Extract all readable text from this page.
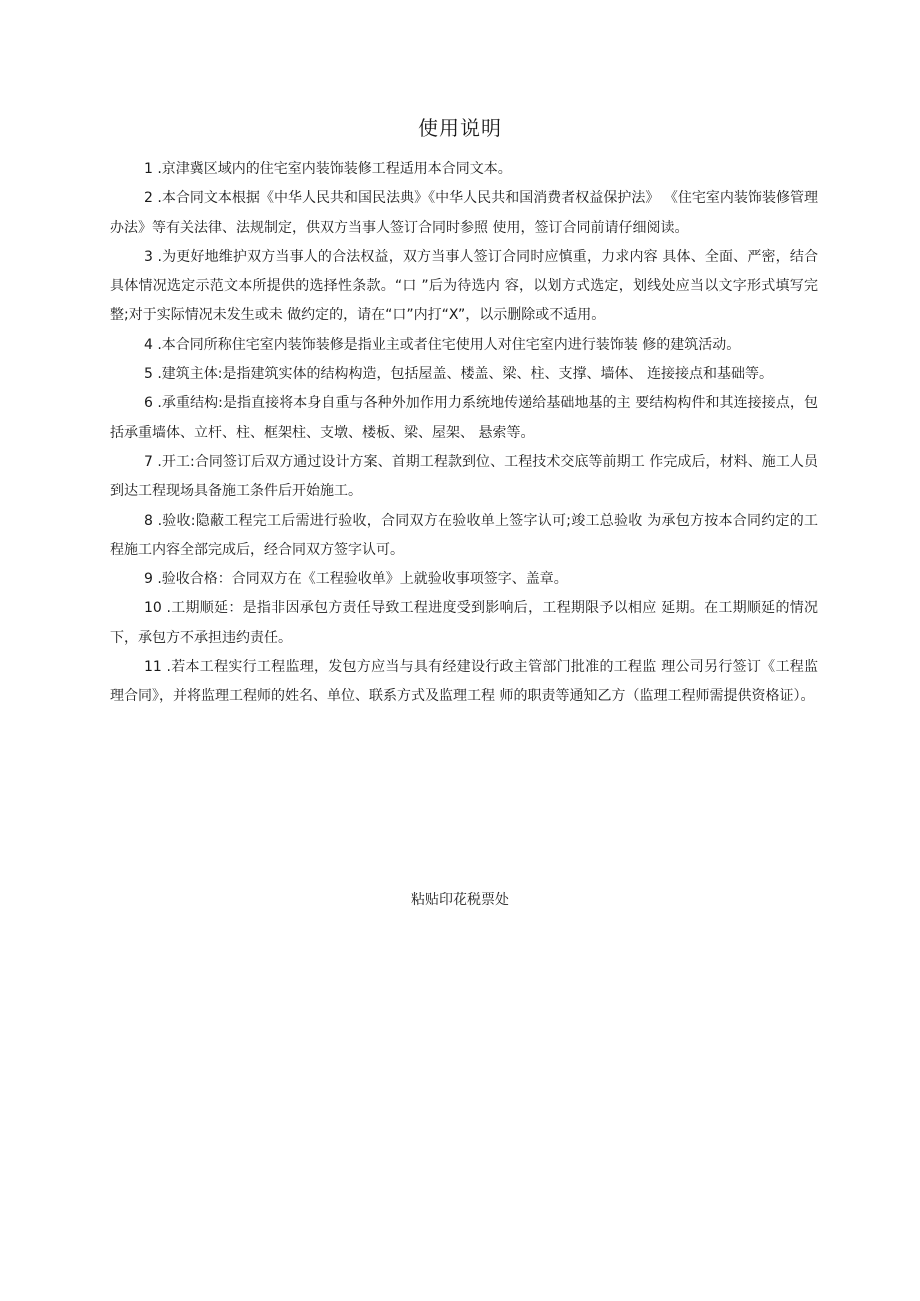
使用说明

1 .京津冀区域内的住宅室内装饰装修工程适用本合同文本。

2 .本合同文本根据《中华人民共和国民法典》《中华人民共和国消费者权益保护法》 《住宅室内装饰装修管理办法》等有关法律、法规制定，供双方当事人签订合同时参照 使用，签订合同前请仔细阅读。

3 .为更好地维护双方当事人的合法权益，双方当事人签订合同时应慎重，力求内容 具体、全面、严密，结合具体情况选定示范文本所提供的选择性条款。“口 ”后为待选内 容，以划方式选定，划线处应当以文字形式填写完整;对于实际情况未发生或未 做约定的，请在“口”内打“X”，以示删除或不适用。

4 .本合同所称住宅室内装饰装修是指业主或者住宅使用人对住宅室内进行装饰装 修的建筑活动。

5 .建筑主体:是指建筑实体的结构构造，包括屋盖、楼盖、梁、柱、支撑、墙体、 连接接点和基础等。

6 .承重结构:是指直接将本身自重与各种外加作用力系统地传递给基础地基的主 要结构构件和其连接接点，包括承重墙体、立杆、柱、框架柱、支墩、楼板、梁、屋架、 悬索等。

7 .开工:合同签订后双方通过设计方案、首期工程款到位、工程技术交底等前期工 作完成后，材料、施工人员到达工程现场具备施工条件后开始施工。

8 .验收:隐蔽工程完工后需进行验收，合同双方在验收单上签字认可;竣工总验收 为承包方按本合同约定的工程施工内容全部完成后，经合同双方签字认可。

9 .验收合格：合同双方在《工程验收单》上就验收事项签字、盖章。

10 .工期顺延：是指非因承包方责任导致工程进度受到影响后，工程期限予以相应 延期。在工期顺延的情况下，承包方不承担违约责任。

11 .若本工程实行工程监理，发包方应当与具有经建设行政主管部门批准的工程监 理公司另行签订《工程监理合同》，并将监理工程师的姓名、单位、联系方式及监理工程 师的职责等通知乙方（监理工程师需提供资格证）。

粘贴印花税票处
